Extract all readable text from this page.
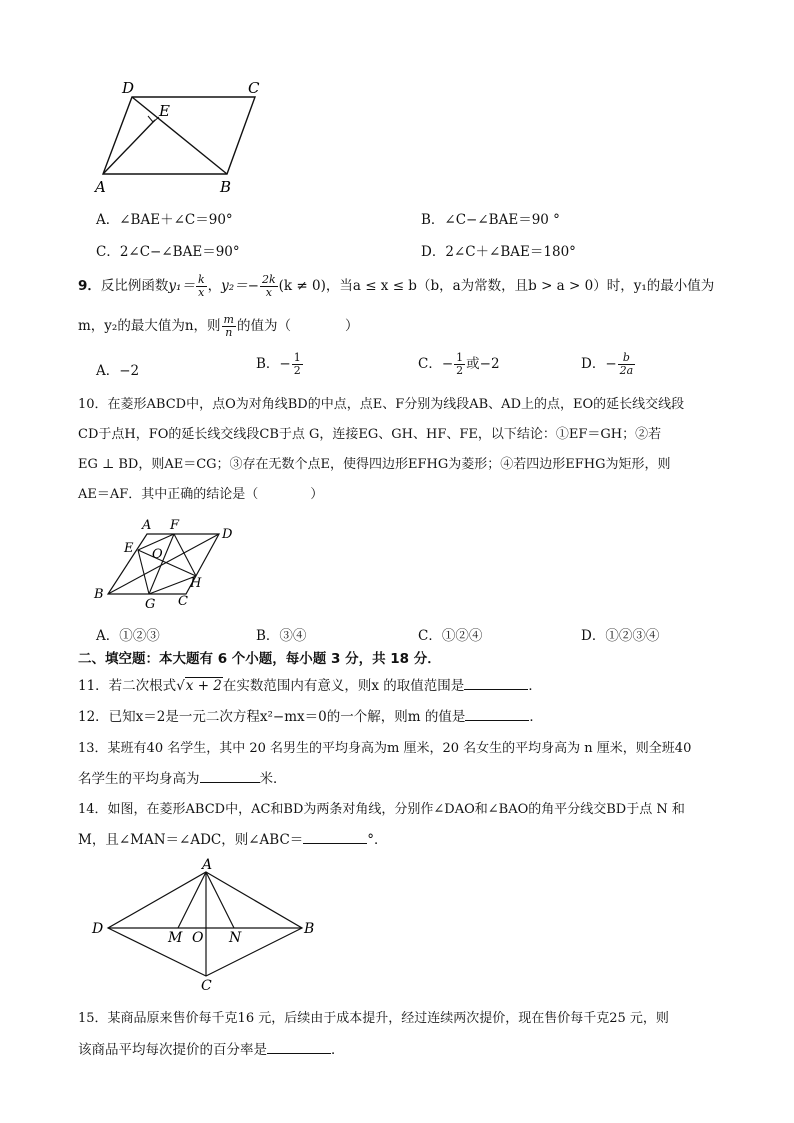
D	C
E
A	B
A．∠BAE＋∠C＝90°	B．∠C−∠BAE＝90 °
C．2∠C−∠BAE＝90°	D．2∠C＋∠BAE＝180°
9．反比例函数$y_1= \frac{k}{x}$ ，$y_2=- \frac{2k}{x} (k \ne 0)$，当a ≤ x ≤ b（b，a为常数，且b > a > 0）时，y₁的最小值为
m，y₂的最大值为n，则 $\frac{m}{n}$ 的值为（　　　　）
A．−2	B．− $\frac{1}{2}$	C．− $\frac{1}{2}$ 或−2	D．− $\frac{b}{2a}$
10．在菱形ABCD中，点O为对角线BD的中点，点E、F分别为线段AB、AD上的点，EO的延长线交线段
CD于点H，FO的延长线交线段CB于点 G，连接EG、GH、HF、FE，以下结论：①EF＝GH；②若
EG ⊥ BD，则AE＝CG；③存在无数个点E，使得四边形EFHG为菱形；④若四边形EFHG为矩形，则
AE＝AF．其中正确的结论是（　　　　）
A F
D
E O
H
B
G C
A．①②③	B．③④	C．①②④	D．①②③④
二、填空题：本大题有 6 个小题，每小题 3 分，共 18 分．
11．若二次根式√x + 2在实数范围内有意义，则x 的取值范围是	．
12．已知x＝2是一元二次方程x²−mx＝0的一个解，则m 的值是	．
13．某班有40 名学生，其中 20 名男生的平均身高为m 厘米，20 名女生的平均身高为 n 厘米，则全班40
名学生的平均身高为	米．
14．如图，在菱形ABCD中，AC和BD为两条对角线，分别作∠DAO和∠BAO的角平分线交BD于点 N 和
M，且∠MAN＝∠ADC，则∠ABC＝	°．
A
D
M O N
B
C
15．某商品原来售价每千克16 元，后续由于成本提升，经过连续两次提价，现在售价每千克25 元，则
该商品平均每次提价的百分率是	．
